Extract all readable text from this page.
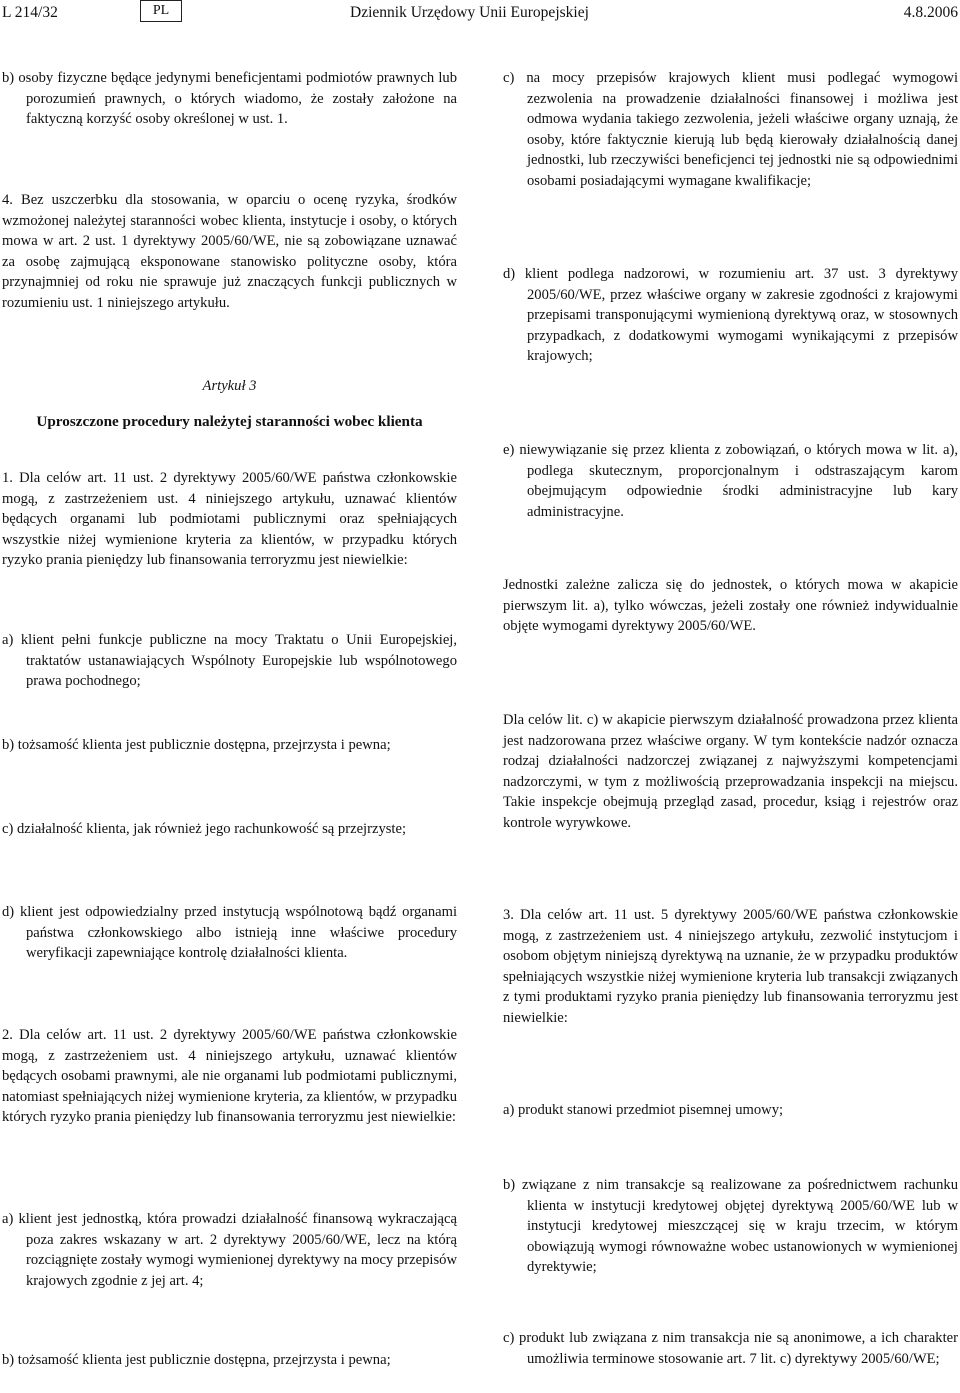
L 214/32	PL	Dziennik Urzędowy Unii Europejskiej	4.8.2006
b) osoby fizyczne będące jedynymi beneficjentami podmiotów prawnych lub porozumień prawnych, o których wiadomo, że zostały założone na faktyczną korzyść osoby określonej w ust. 1.
4. Bez uszczerbku dla stosowania, w oparciu o ocenę ryzyka, środków wzmożonej należytej staranności wobec klienta, instytucje i osoby, o których mowa w art. 2 ust. 1 dyrektywy 2005/60/WE, nie są zobowiązane uznawać za osobę zajmującą eksponowane stanowisko polityczne osoby, która przynajmniej od roku nie sprawuje już znaczących funkcji publicznych w rozumieniu ust. 1 niniejszego artykułu.
Artykuł 3
Uproszczone procedury należytej staranności wobec klienta
1. Dla celów art. 11 ust. 2 dyrektywy 2005/60/WE państwa członkowskie mogą, z zastrzeżeniem ust. 4 niniejszego artykułu, uznawać klientów będących organami lub podmiotami publicznymi oraz spełniających wszystkie niżej wymienione kryteria za klientów, w przypadku których ryzyko prania pieniędzy lub finansowania terroryzmu jest niewielkie:
a) klient pełni funkcje publiczne na mocy Traktatu o Unii Europejskiej, traktatów ustanawiających Wspólnoty Europejskie lub wspólnotowego prawa pochodnego;
b) tożsamość klienta jest publicznie dostępna, przejrzysta i pewna;
c) działalność klienta, jak również jego rachunkowość są przejrzyste;
c) na mocy przepisów krajowych klient musi podlegać wymogowi zezwolenia na prowadzenie działalności finansowej i możliwa jest odmowa wydania takiego zezwolenia, jeżeli właściwe organy uznają, że osoby, które faktycznie kierują lub będą kierowały działalnością danej jednostki, lub rzeczywiści beneficjenci tej jednostki nie są odpowiednimi osobami posiadającymi wymagane kwalifikacje;
d) klient podlega nadzorowi, w rozumieniu art. 37 ust. 3 dyrektywy 2005/60/WE, przez właściwe organy w zakresie zgodności z krajowymi przepisami transponującymi wymienioną dyrektywą oraz, w stosownych przypadkach, z dodatkowymi wymogami wynikającymi z przepisów krajowych;
e) niewywiązanie się przez klienta z zobowiązań, o których mowa w lit. a), podlega skutecznym, proporcjonalnym i odstraszającym karom obejmującym odpowiednie środki administracyjne lub kary administracyjne.
Jednostki zależne zalicza się do jednostek, o których mowa w akapicie pierwszym lit. a), tylko wówczas, jeżeli zostały one również indywidualnie objęte wymogami dyrektywy 2005/60/WE.
Dla celów lit. c) w akapicie pierwszym działalność prowadzona przez klienta jest nadzorowana przez właściwe organy. W tym kontekście nadzór oznacza rodzaj działalności nadzorczej związanej z najwyższymi kompetencjami nadzorczymi, w tym z możliwością przeprowadzania inspekcji na miejscu. Takie inspekcje obejmują przegląd zasad, procedur, ksiąg i rejestrów oraz kontrole wyrywkowe.
d) klient jest odpowiedzialny przed instytucją wspólnotową bądź organami państwa członkowskiego albo istnieją inne właściwe procedury weryfikacji zapewniające kontrolę działalności klienta.
2. Dla celów art. 11 ust. 2 dyrektywy 2005/60/WE państwa członkowskie mogą, z zastrzeżeniem ust. 4 niniejszego artykułu, uznawać klientów będących osobami prawnymi, ale nie organami lub podmiotami publicznymi, natomiast spełniających niżej wymienione kryteria, za klientów, w przypadku których ryzyko prania pieniędzy lub finansowania terroryzmu jest niewielkie:
a) klient jest jednostką, która prowadzi działalność finansową wykraczającą poza zakres wskazany w art. 2 dyrektywy 2005/60/WE, lecz na którą rozciągnięte zostały wymogi wymienionej dyrektywy na mocy przepisów krajowych zgodnie z jej art. 4;
b) tożsamość klienta jest publicznie dostępna, przejrzysta i pewna;
3. Dla celów art. 11 ust. 5 dyrektywy 2005/60/WE państwa członkowskie mogą, z zastrzeżeniem ust. 4 niniejszego artykułu, zezwolić instytucjom i osobom objętym niniejszą dyrektywą na uznanie, że w przypadku produktów spełniających wszystkie niżej wymienione kryteria lub transakcji związanych z tymi produktami ryzyko prania pieniędzy lub finansowania terroryzmu jest niewielkie:
a) produkt stanowi przedmiot pisemnej umowy;
b) związane z nim transakcje są realizowane za pośrednictwem rachunku klienta w instytucji kredytowej objętej dyrektywą 2005/60/WE lub w instytucji kredytowej mieszczącej się w kraju trzecim, w którym obowiązują wymogi równoważne wobec ustanowionych w wymienionej dyrektywie;
c) produkt lub związana z nim transakcja nie są anonimowe, a ich charakter umożliwia terminowe stosowanie art. 7 lit. c) dyrektywy 2005/60/WE;
